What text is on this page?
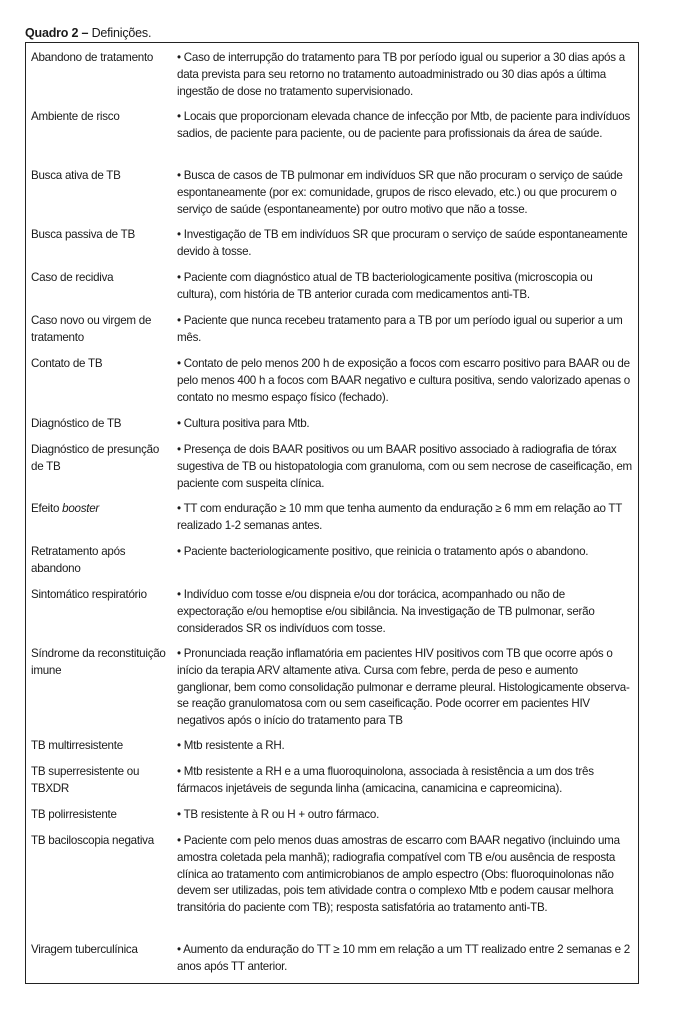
Quadro 2 – Definições.
Abandono de tratamento	• Caso de interrupção do tratamento para TB por período igual ou superior a 30 dias após a data prevista para seu retorno no tratamento autoadministrado ou 30 dias após a última ingestão de dose no tratamento supervisionado.
Ambiente de risco	• Locais que proporcionam elevada chance de infecção por Mtb, de paciente para indivíduos sadios, de paciente para paciente, ou de paciente para profissionais da área de saúde.
Busca ativa de TB	• Busca de casos de TB pulmonar em indivíduos SR que não procuram o serviço de saúde espontaneamente (por ex: comunidade, grupos de risco elevado, etc.) ou que procurem o serviço de saúde (espontaneamente) por outro motivo que não a tosse.
Busca passiva de TB	• Investigação de TB em indivíduos SR que procuram o serviço de saúde espontaneamente devido à tosse.
Caso de recidiva	• Paciente com diagnóstico atual de TB bacteriologicamente positiva (microscopia ou cultura), com história de TB anterior curada com medicamentos anti-TB.
Caso novo ou virgem de tratamento
• Paciente que nunca recebeu tratamento para a TB por um período igual ou superior a um mês.
Contato de TB	• Contato de pelo menos 200 h de exposição a focos com escarro positivo para BAAR ou de pelo menos 400 h a focos com BAAR negativo e cultura positiva, sendo valorizado apenas o contato no mesmo espaço físico (fechado).
Diagnóstico de TB	• Cultura positiva para Mtb.
Diagnóstico de presunção de TB
• Presença de dois BAAR positivos ou um BAAR positivo associado à radiografia de tórax sugestiva de TB ou histopatologia com granuloma, com ou sem necrose de caseificação, em paciente com suspeita clínica.
Efeito booster	• TT com enduração ≥ 10 mm que tenha aumento da enduração ≥ 6 mm em relação ao TT realizado 1-2 semanas antes.
Retratamento após abandono
• Paciente bacteriologicamente positivo, que reinicia o tratamento após o abandono.
Sintomático respiratório	• Indivíduo com tosse e/ou dispneia e/ou dor torácica, acompanhado ou não de expectoração e/ou hemoptise e/ou sibilância. Na investigação de TB pulmonar, serão considerados SR os indivíduos com tosse.
Síndrome da reconstituição imune
• Pronunciada reação inflamatória em pacientes HIV positivos com TB que ocorre após o início da terapia ARV altamente ativa. Cursa com febre, perda de peso e aumento ganglionar, bem como consolidação pulmonar e derrame pleural. Histologicamente observa-se reação granulomatosa com ou sem caseificação. Pode ocorrer em pacientes HIV negativos após o início do tratamento para TB
TB multirresistente	• Mtb resistente a RH.
TB superresistente ou TBXDR
• Mtb resistente a RH e a uma fluoroquinolona, associada à resistência a um dos três fármacos injetáveis de segunda linha (amicacina, canamicina e capreomicina).
TB polirresistente	• TB resistente à R ou H + outro fármaco.
TB baciloscopia negativa	• Paciente com pelo menos duas amostras de escarro com BAAR negativo (incluindo uma amostra coletada pela manhã); radiografia compatível com TB e/ou ausência de resposta clínica ao tratamento com antimicrobianos de amplo espectro (Obs: fluoroquinolonas não devem ser utilizadas, pois tem atividade contra o complexo Mtb e podem causar melhora transitória do paciente com TB); resposta satisfatória ao tratamento anti-TB.
Viragem tuberculínica	• Aumento da enduração do TT ≥ 10 mm em relação a um TT realizado entre 2 semanas e 2 anos após TT anterior.
